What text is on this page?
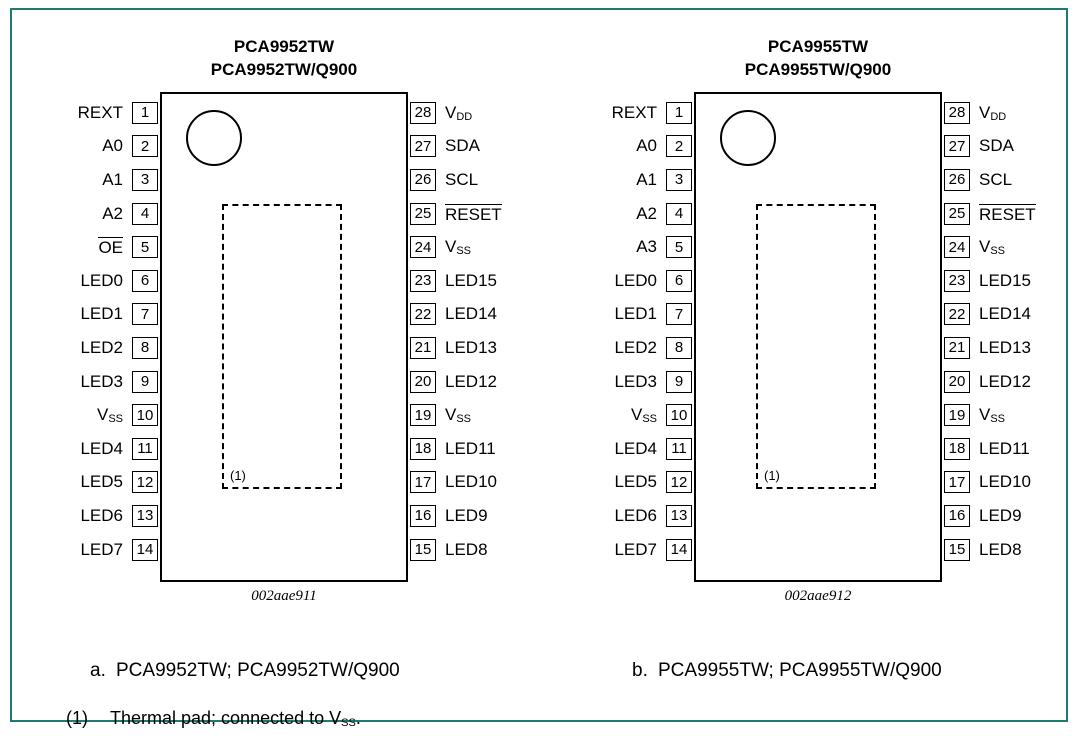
PCA9952TW
PCA9952TW/Q900
(1)
REXT	1
A0	2
A1	3
A2	4
OE	5
LED0	6
LED1	7
LED2	8
LED3	9
$V_{SS}$ 10
LED4 11
LED5 12
LED6 13
LED7 14
28 $V_{DD}$
27 SDA
26 SCL
25 RESET
24 $V_{SS}$
23 LED15
22 LED14
21 LED13
20 LED12
19 $V_{SS}$
18 LED11
17 LED10
16 LED9
15 LED8
002aae911
PCA9955TW
PCA9955TW/Q900
(1)
REXT	1
A0	2
A1	3
A2	4
A3	5
LED0	6
LED1	7
LED2	8
LED3	9
$V_{SS}$ 10
LED4 11
LED5 12
LED6 13
LED7 14
28 $V_{DD}$
27 SDA
26 SCL
25 RESET
24 $V_{SS}$
23 LED15
22 LED14
21 LED13
20 LED12
19 $V_{SS}$
18 LED11
17 LED10
16 LED9
15 LED8
002aae912
a. PCA9952TW; PCA9952TW/Q900	b. PCA9955TW; PCA9955TW/Q900
(1) Thermal pad; connected to $V_{SS}$.
